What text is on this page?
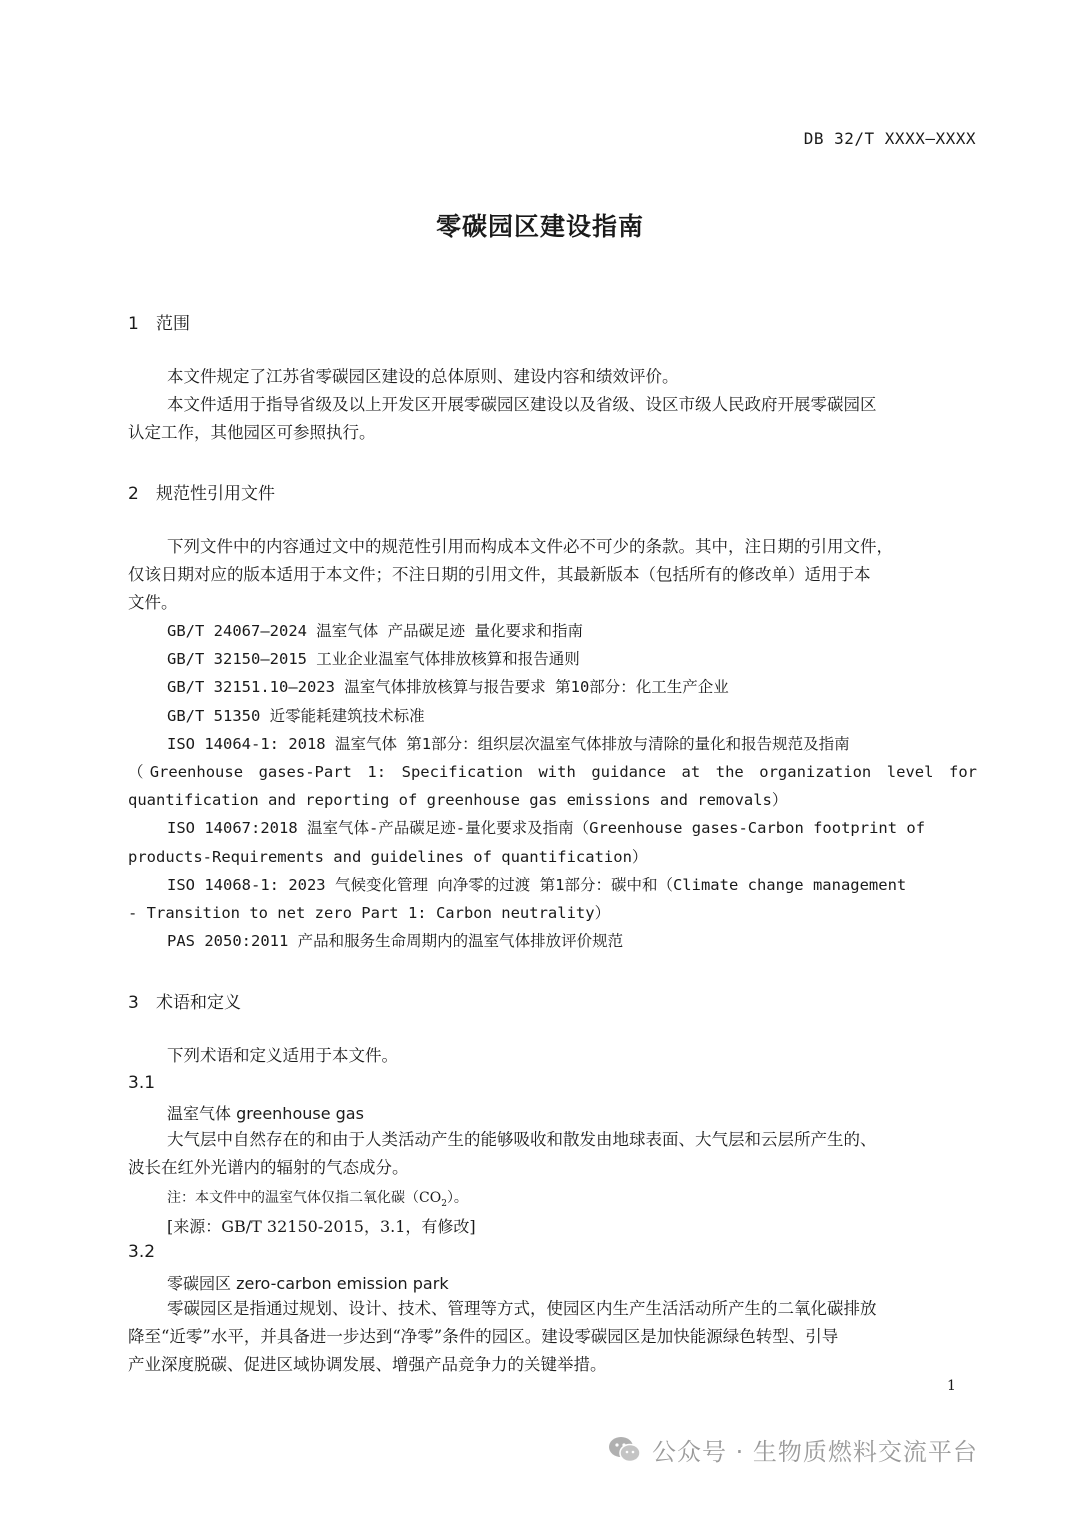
DB 32/T XXXX—XXXX
零碳园区建设指南
1 范围
本文件规定了江苏省零碳园区建设的总体原则、建设内容和绩效评价。
本文件适用于指导省级及以上开发区开展零碳园区建设以及省级、设区市级人民政府开展零碳园区
认定工作，其他园区可参照执行。
2 规范性引用文件
下列文件中的内容通过文中的规范性引用而构成本文件必不可少的条款。其中，注日期的引用文件，
仅该日期对应的版本适用于本文件；不注日期的引用文件，其最新版本（包括所有的修改单）适用于本
文件。
GB/T 24067—2024 温室气体 产品碳足迹 量化要求和指南
GB/T 32150—2015 工业企业温室气体排放核算和报告通则
GB/T 32151.10—2023 温室气体排放核算与报告要求 第10部分：化工生产企业
GB/T 51350 近零能耗建筑技术标准
ISO 14064-1: 2018 温室气体 第1部分：组织层次温室气体排放与清除的量化和报告规范及指南
（Greenhouse gases-Part 1: Specification with guidance at the organization level for
quantification and reporting of greenhouse gas emissions and removals）
ISO 14067:2018 温室气体-产品碳足迹-量化要求及指南（Greenhouse gases-Carbon footprint of
products-Requirements and guidelines of quantification）
ISO 14068-1: 2023 气候变化管理 向净零的过渡 第1部分：碳中和（Climate change management
- Transition to net zero Part 1: Carbon neutrality）
PAS 2050:2011 产品和服务生命周期内的温室气体排放评价规范
3 术语和定义
下列术语和定义适用于本文件。
3.1
温室气体 greenhouse gas
大气层中自然存在的和由于人类活动产生的能够吸收和散发由地球表面、大气层和云层所产生的、
波长在红外光谱内的辐射的气态成分。
注：本文件中的温室气体仅指二氧化碳$(CO_2)$。
[来源：GB/T 32150-2015，3.1，有修改]
3.2
零碳园区 zero-carbon emission park
零碳园区是指通过规划、设计、技术、管理等方式，使园区内生产生活活动所产生的二氧化碳排放
降至“近零”水平，并具备进一步达到“净零”条件的园区。建设零碳园区是加快能源绿色转型、引导
产业深度脱碳、促进区域协调发展、增强产品竞争力的关键举措。
1
公众号 · 生物质燃料交流平台
